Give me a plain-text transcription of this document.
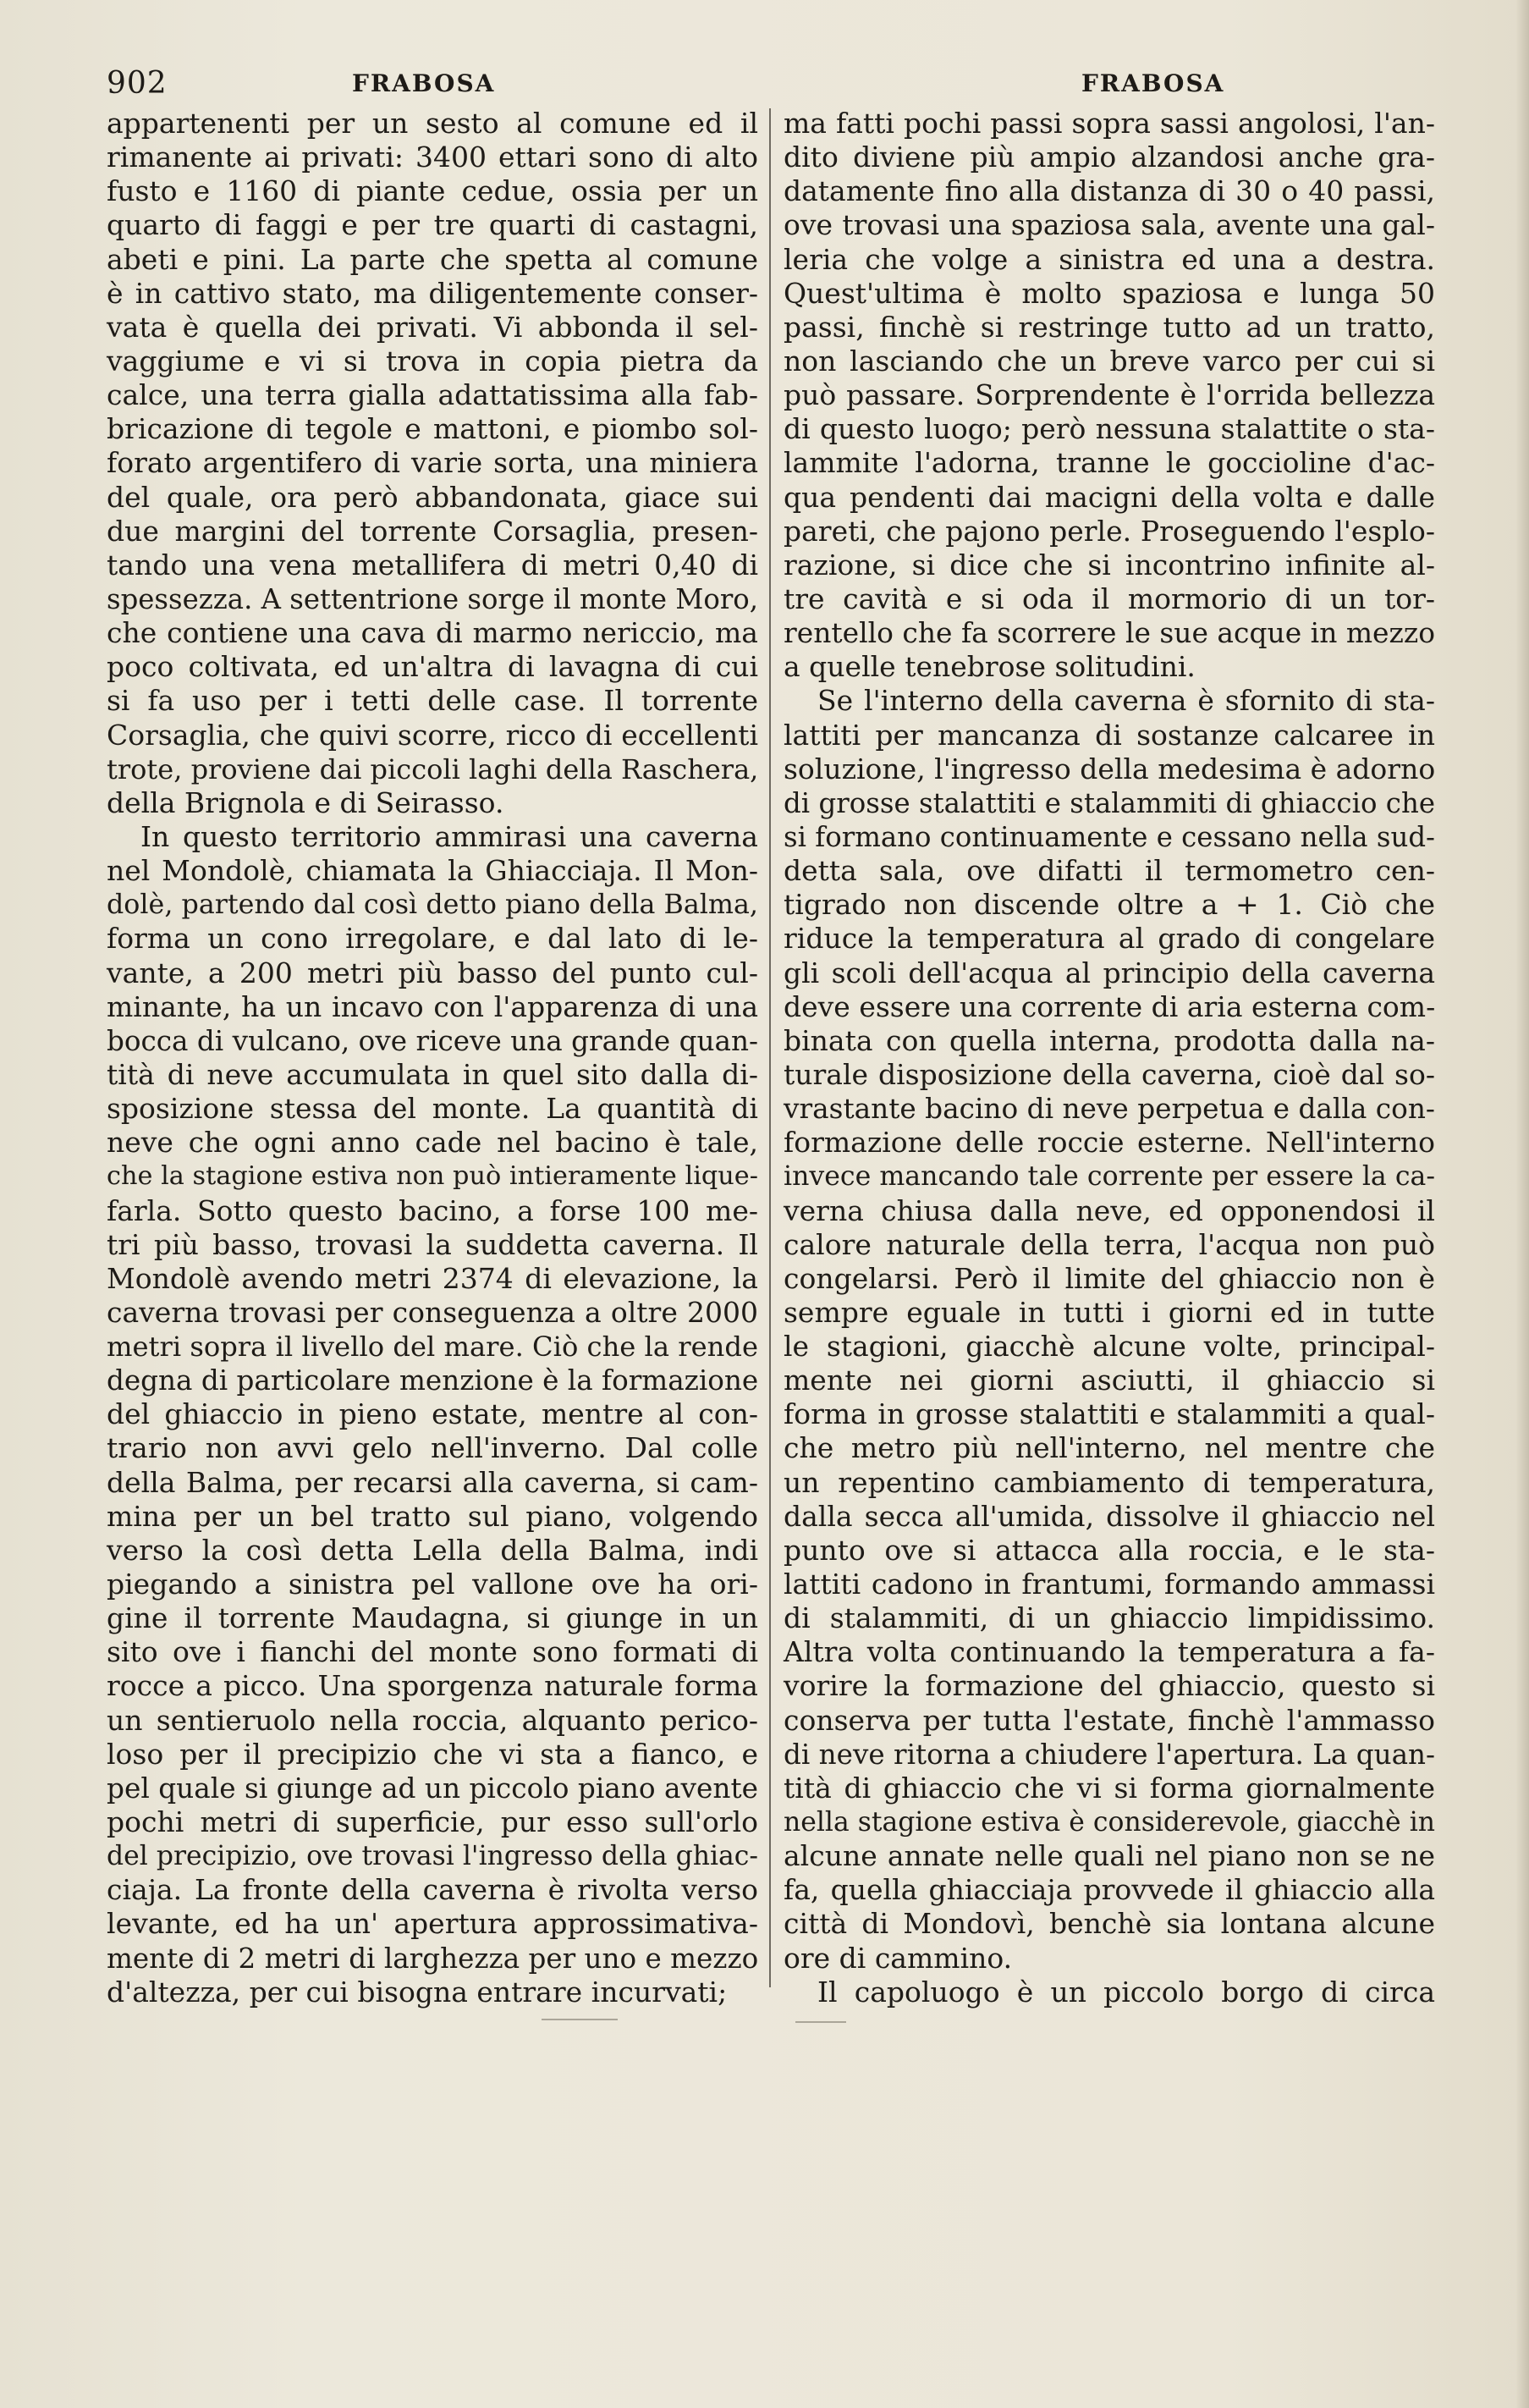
902	FRABOSA	FRABOSA
appartenenti per un sesto al comune ed il
rimanente ai privati: 3400 ettari sono di alto
fusto e 1160 di piante cedue, ossia per un
quarto di faggi e per tre quarti di castagni,
abeti e pini. La parte che spetta al comune
è in cattivo stato, ma diligentemente conser-
vata è quella dei privati. Vi abbonda il sel-
vaggiume e vi si trova in copia pietra da
calce, una terra gialla adattatissima alla fab-
bricazione di tegole e mattoni, e piombo sol-
forato argentifero di varie sorta, una miniera
del quale, ora però abbandonata, giace sui
due margini del torrente Corsaglia, presen-
tando una vena metallifera di metri 0,40 di
spessezza. A settentrione sorge il monte Moro,
che contiene una cava di marmo nericcio, ma
poco coltivata, ed un'altra di lavagna di cui
si fa uso per i tetti delle case. Il torrente
Corsaglia, che quivi scorre, ricco di eccellenti
trote, proviene dai piccoli laghi della Raschera,
della Brignola e di Seirasso.
In questo territorio ammirasi una caverna
nel Mondolè, chiamata la Ghiacciaja. Il Mon-
dolè, partendo dal così detto piano della Balma,
forma un cono irregolare, e dal lato di le-
vante, a 200 metri più basso del punto cul-
minante, ha un incavo con l'apparenza di una
bocca di vulcano, ove riceve una grande quan-
tità di neve accumulata in quel sito dalla di-
sposizione stessa del monte. La quantità di
neve che ogni anno cade nel bacino è tale,
che la stagione estiva non può intieramente lique-
farla. Sotto questo bacino, a forse 100 me-
tri più basso, trovasi la suddetta caverna. Il
Mondolè avendo metri 2374 di elevazione, la
caverna trovasi per conseguenza a oltre 2000
metri sopra il livello del mare. Ciò che la rende
degna di particolare menzione è la formazione
del ghiaccio in pieno estate, mentre al con-
trario non avvi gelo nell'inverno. Dal colle
della Balma, per recarsi alla caverna, si cam-
mina per un bel tratto sul piano, volgendo
verso la così detta Lella della Balma, indi
piegando a sinistra pel vallone ove ha ori-
gine il torrente Maudagna, si giunge in un
sito ove i fianchi del monte sono formati di
rocce a picco. Una sporgenza naturale forma
un sentieruolo nella roccia, alquanto perico-
loso per il precipizio che vi sta a fianco, e
pel quale si giunge ad un piccolo piano avente
pochi metri di superficie, pur esso sull'orlo
del precipizio, ove trovasi l'ingresso della ghiac-
ciaja. La fronte della caverna è rivolta verso
levante, ed ha un' apertura approssimativa-
mente di 2 metri di larghezza per uno e mezzo
d'altezza, per cui bisogna entrare incurvati;
ma fatti pochi passi sopra sassi angolosi, l'an-
dito diviene più ampio alzandosi anche gra-
datamente fino alla distanza di 30 o 40 passi,
ove trovasi una spaziosa sala, avente una gal-
leria che volge a sinistra ed una a destra.
Quest'ultima è molto spaziosa e lunga 50
passi, finchè si restringe tutto ad un tratto,
non lasciando che un breve varco per cui si
può passare. Sorprendente è l'orrida bellezza
di questo luogo; però nessuna stalattite o sta-
lammite l'adorna, tranne le goccioline d'ac-
qua pendenti dai macigni della volta e dalle
pareti, che pajono perle. Proseguendo l'esplo-
razione, si dice che si incontrino infinite al-
tre cavità e si oda il mormorio di un tor-
rentello che fa scorrere le sue acque in mezzo
a quelle tenebrose solitudini.
Se l'interno della caverna è sfornito di sta-
lattiti per mancanza di sostanze calcaree in
soluzione, l'ingresso della medesima è adorno
di grosse stalattiti e stalammiti di ghiaccio che
si formano continuamente e cessano nella sud-
detta sala, ove difatti il termometro cen-
tigrado non discende oltre a + 1. Ciò che
riduce la temperatura al grado di congelare
gli scoli dell'acqua al principio della caverna
deve essere una corrente di aria esterna com-
binata con quella interna, prodotta dalla na-
turale disposizione della caverna, cioè dal so-
vrastante bacino di neve perpetua e dalla con-
formazione delle roccie esterne. Nell'interno
invece mancando tale corrente per essere la ca-
verna chiusa dalla neve, ed opponendosi il
calore naturale della terra, l'acqua non può
congelarsi. Però il limite del ghiaccio non è
sempre eguale in tutti i giorni ed in tutte
le stagioni, giacchè alcune volte, principal-
mente nei giorni asciutti, il ghiaccio si
forma in grosse stalattiti e stalammiti a qual-
che metro più nell'interno, nel mentre che
un repentino cambiamento di temperatura,
dalla secca all'umida, dissolve il ghiaccio nel
punto ove si attacca alla roccia, e le sta-
lattiti cadono in frantumi, formando ammassi
di stalammiti, di un ghiaccio limpidissimo.
Altra volta continuando la temperatura a fa-
vorire la formazione del ghiaccio, questo si
conserva per tutta l'estate, finchè l'ammasso
di neve ritorna a chiudere l'apertura. La quan-
tità di ghiaccio che vi si forma giornalmente
nella stagione estiva è considerevole, giacchè in
alcune annate nelle quali nel piano non se ne
fa, quella ghiacciaja provvede il ghiaccio alla
città di Mondovì, benchè sia lontana alcune
ore di cammino.
Il capoluogo è un piccolo borgo di circa
